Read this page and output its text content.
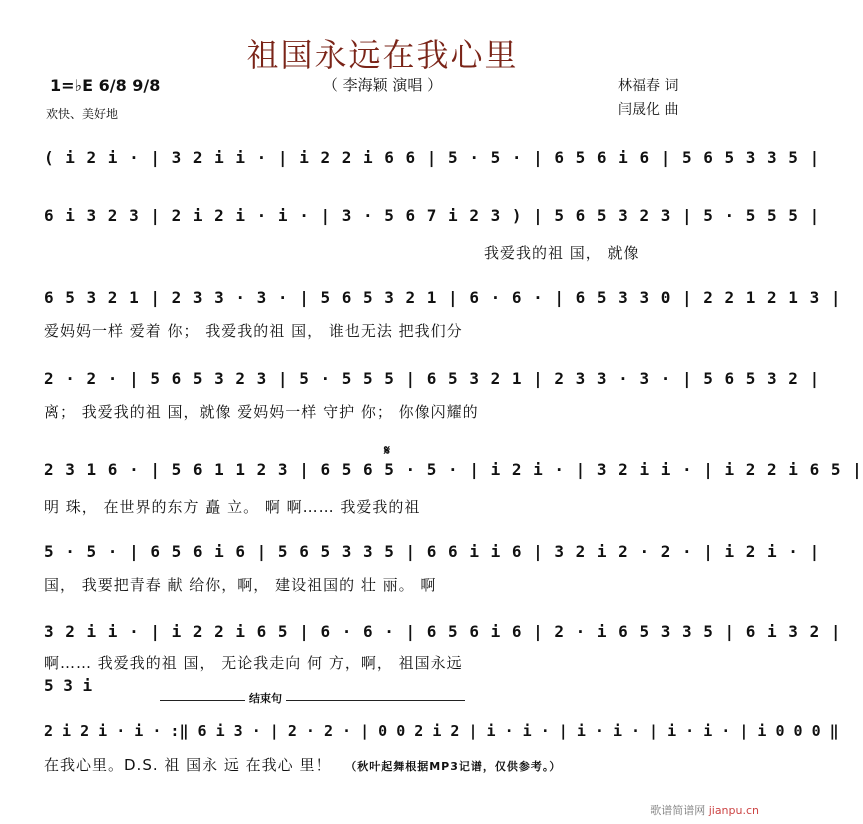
祖国永远在我心里
（ 李海颖 演唱 ）
1=♭E 6/8 9/8
欢快、美好地
林福春 词
闫晟化 曲
( i 2 i · | 3 2 i i · | i 2 2 i 6 6 | 5 · 5 · | 6 5 6 i 6 | 5 6 5 3 3 5 |
6 i 3 2 3 | 2 i 2 i · i · | 3 · 5 6 7 i 2 3 ) | 5 6 5 3 2 3 | 5 · 5 5 5 |
我爱我的祖 国， 就像
6 5 3 2 1 | 2 3 3 · 3 · | 5 6 5 3 2 1 | 6 · 6 · | 6 5 3 3 0 | 2 2 1 2 1 3 |
爱妈妈一样 爱着 你； 我爱我的祖 国， 谁也无法 把我们分
2 · 2 · | 5 6 5 3 2 3 | 5 · 5 5 5 | 6 5 3 2 1 | 2 3 3 · 3 · | 5 6 5 3 2 |
离； 我爱我的祖 国，就像 爱妈妈一样 守护 你； 你像闪耀的
𝄋
2 3 1 6 · | 5 6 1 1 2 3 | 6 5 6 5 · 5 · | i 2 i · | 3 2 i i · | i 2 2 i 6 5 |
明 珠， 在世界的东方 矗 立。 啊 啊…… 我爱我的祖
5 · 5 · | 6 5 6 i 6 | 5 6 5 3 3 5 | 6 6 i i 6 | 3 2 i 2 · 2 · | i 2 i · |
国， 我要把青春 献 给你，啊， 建设祖国的 壮 丽。 啊
3 2 i i · | i 2 2 i 6 5 | 6 · 6 · | 6 5 6 i 6 | 2 · i 6 5 3 3 5 | 6 i 3 2 |
啊…… 我爱我的祖 国， 无论我走向 何 方，啊， 祖国永远
5 3 i
结束句
2 i 2 i · i · :‖ 6 i 3 · | 2 · 2 · | 0 0 2 i 2 | i · i · | i · i · | i · i · | i 0 0 0 ‖
在我心里。D.S. 祖 国永 远 在我心 里！ （秋叶起舞根据MP3记谱，仅供参考。）
歌谱简谱网 jianpu.cn
